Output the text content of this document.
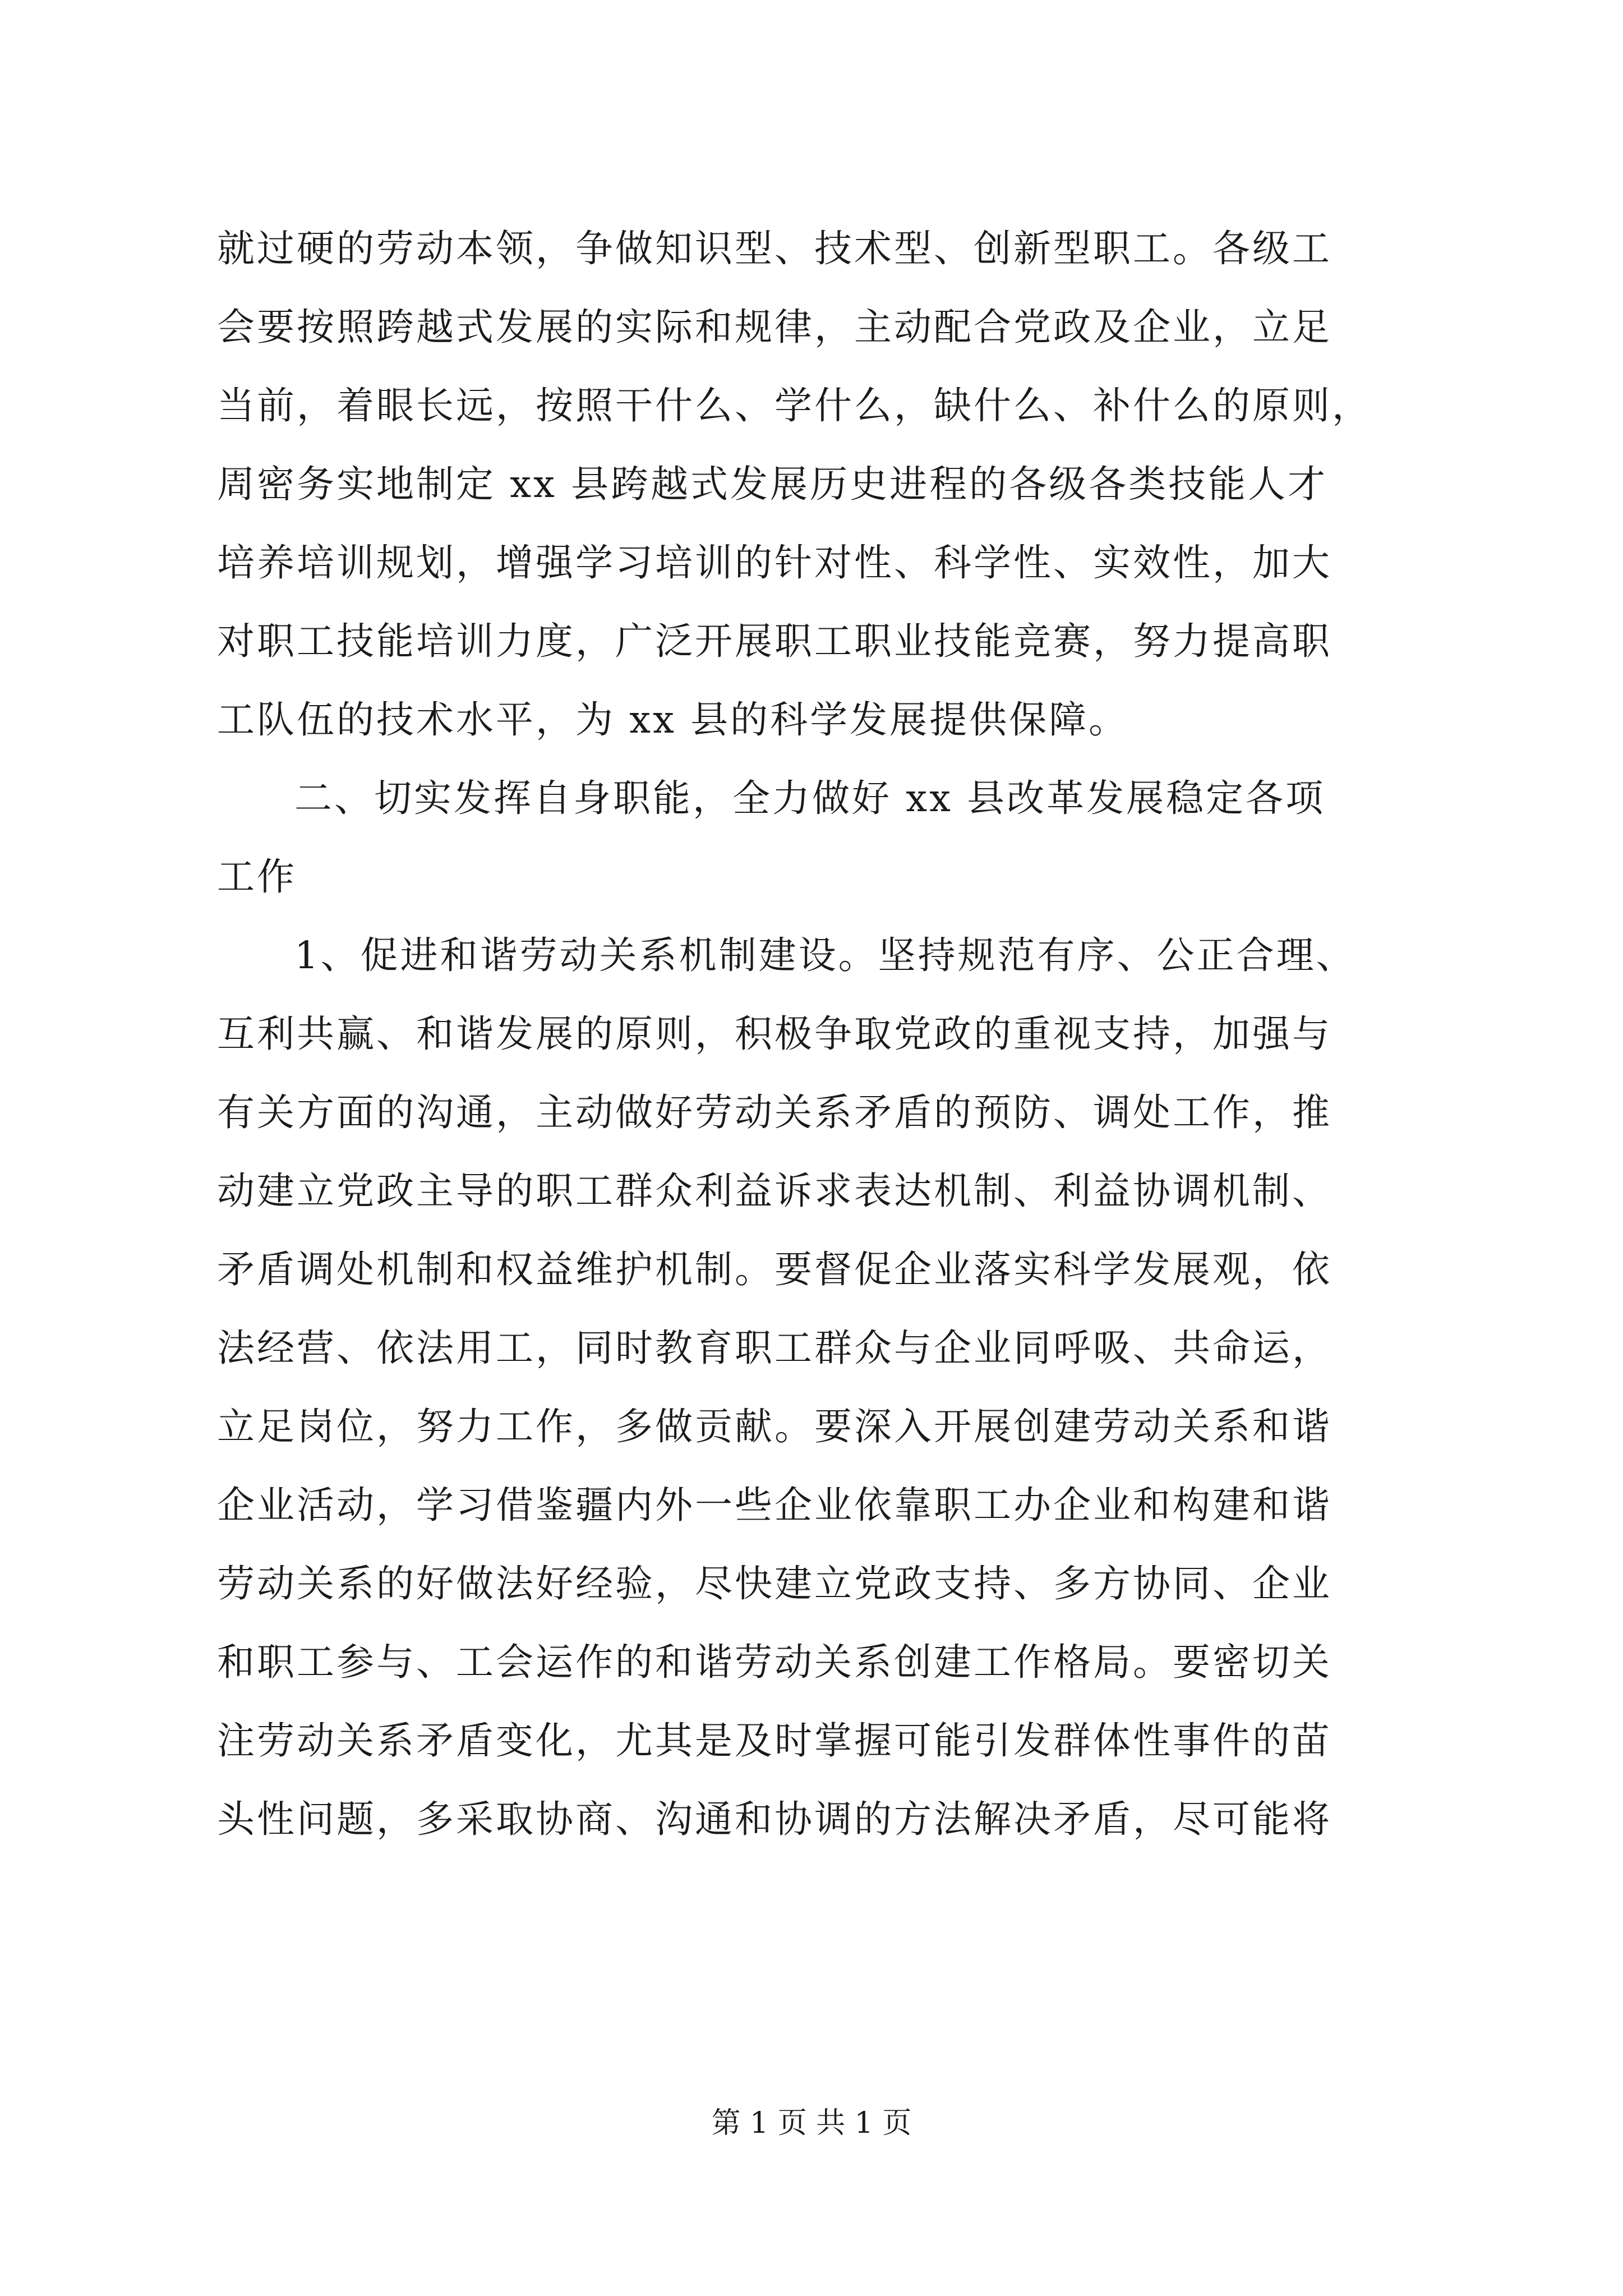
就过硬的劳动本领，争做知识型、技术型、创新型职工。各级工
会要按照跨越式发展的实际和规律，主动配合党政及企业，立足
当前，着眼长远，按照干什么、学什么，缺什么、补什么的原则，
周密务实地制定 xx 县跨越式发展历史进程的各级各类技能人才
培养培训规划，增强学习培训的针对性、科学性、实效性，加大
对职工技能培训力度，广泛开展职工职业技能竞赛，努力提高职
工队伍的技术水平，为 xx 县的科学发展提供保障。
二、切实发挥自身职能，全力做好 xx 县改革发展稳定各项
工作
1、促进和谐劳动关系机制建设。坚持规范有序、公正合理、
互利共赢、和谐发展的原则，积极争取党政的重视支持，加强与
有关方面的沟通，主动做好劳动关系矛盾的预防、调处工作，推
动建立党政主导的职工群众利益诉求表达机制、利益协调机制、
矛盾调处机制和权益维护机制。要督促企业落实科学发展观，依
法经营、依法用工，同时教育职工群众与企业同呼吸、共命运，
立足岗位，努力工作，多做贡献。要深入开展创建劳动关系和谐
企业活动，学习借鉴疆内外一些企业依靠职工办企业和构建和谐
劳动关系的好做法好经验，尽快建立党政支持、多方协同、企业
和职工参与、工会运作的和谐劳动关系创建工作格局。要密切关
注劳动关系矛盾变化，尤其是及时掌握可能引发群体性事件的苗
头性问题，多采取协商、沟通和协调的方法解决矛盾，尽可能将
第 1 页 共 1 页
